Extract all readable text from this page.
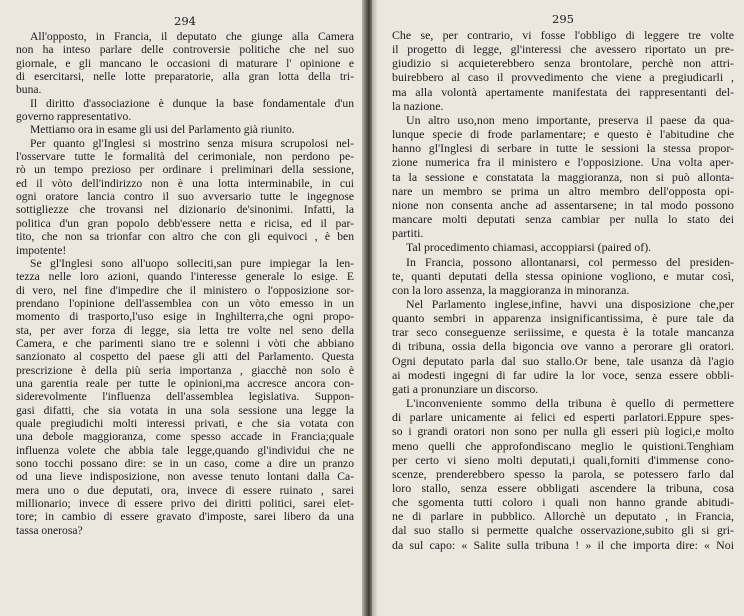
294
All'opposto, in Francia, il deputato che giunge alla Camera
non ha inteso parlare delle controversie politiche che nel suo
giornale, e gli mancano le occasioni di maturare l' opinione e
di esercitarsi, nelle lotte preparatorie, alla gran lotta della tri-
buna.
Il diritto d'associazione è dunque la base fondamentale d'un
governo rappresentativo.
Mettiamo ora in esame gli usi del Parlamento già riunito.
Per quanto gl'Inglesi si mostrino senza misura scrupolosi nel-
l'osservare tutte le formalità del cerimoniale, non perdono pe-
rò un tempo prezioso per ordinare i preliminari della sessione,
ed il vòto dell'indirizzo non è una lotta interminabile, in cui
ogni oratore lancia contro il suo avversario tutte le ingegnose
sottigliezze che trovansi nel dizionario de'sinonimi. Infatti, la
politica d'un gran popolo debb'essere netta e ricisa, ed il par-
tito, che non sa trionfar con altro che con gli equivoci , è ben
impotente!
Se gl'Inglesi sono all'uopo solleciti,san pure impiegar la len-
tezza nelle loro azioni, quando l'interesse generale lo esige. E
di vero, nel fine d'impedire che il ministero o l'opposizione sor-
prendano l'opinione dell'assemblea con un vòto emesso in un
momento di trasporto,l'uso esige in Inghilterra,che ogni propo-
sta, per aver forza di legge, sia letta tre volte nel seno della
Camera, e che parimenti siano tre e solenni i vòti che abbiano
sanzionato al cospetto del paese gli atti del Parlamento. Questa
prescrizione è della più seria importanza , giacchè non solo è
una garentia reale per tutte le opinioni,ma accresce ancora con-
siderevolmente l'influenza dell'assemblea legislativa. Suppon-
gasi difatti, che sia votata in una sola sessione una legge la
quale pregiudichi molti interessi privati, e che sia votata con
una debole maggioranza, come spesso accade in Francia;quale
influenza volete che abbia tale legge,quando gl'individui che ne
sono tocchi possano dire: se in un caso, come a dire un pranzo
od una lieve indisposizione, non avesse tenuto lontani dalla Ca-
mera uno o due deputati, ora, invece di essere ruinato , sarei
millionario; invece di essere privo dei diritti politici, sarei elet-
tore; in cambio di essere gravato d'imposte, sarei libero da una
tassa onerosa?
295
Che se, per contrario, vi fosse l'obbligo di leggere tre volte
il progetto di legge, gl'interessi che avessero riportato un pre-
giudizio si acquieterebbero senza brontolare, perchè non attri-
buirebbero al caso il provvedimento che viene a pregiudicarli ,
ma alla volontà apertamente manifestata dei rappresentanti del-
la nazione.
Un altro uso,non meno importante, preserva il paese da qua-
lunque specie di frode parlamentare; e questo è l'abitudine che
hanno gl'Inglesi di serbare in tutte le sessioni la stessa propor-
zione numerica fra il ministero e l'opposizione. Una volta aper-
ta la sessione e constatata la maggioranza, non si può allonta-
nare un membro se prima un altro membro dell'opposta opi-
nione non consenta anche ad assentarsene; in tal modo possono
mancare molti deputati senza cambiar per nulla lo stato dei
partiti.
Tal procedimento chiamasi, accoppiarsi (paired of).
In Francia, possono allontanarsi, col permesso del presiden-
te, quanti deputati della stessa opinione vogliono, e mutar così,
con la loro assenza, la maggioranza in minoranza.
Nel Parlamento inglese,infine, havvi una disposizione che,per
quanto sembri in apparenza insignificantissima, è pure tale da
trar seco conseguenze seriissime, e questa è la totale mancanza
di tribuna, ossia della bigoncia ove vanno a perorare gli oratori.
Ogni deputato parla dal suo stallo.Or bene, tale usanza dà l'agio
ai modesti ingegni di far udire la lor voce, senza essere obbli-
gati a pronunziare un discorso.
L'inconveniente sommo della tribuna è quello di permettere
di parlare unicamente ai felici ed esperti parlatori.Eppure spes-
so i grandi oratori non sono per nulla gli esseri più logici,e molto
meno quelli che approfondiscano meglio le quistioni.Tenghiam
per certo vi sieno molti deputati,i quali,forniti d'immense cono-
scenze, prenderebbero spesso la parola, se potessero farlo dal
loro stallo, senza essere obbligati ascendere la tribuna, cosa
che sgomenta tutti coloro i quali non hanno grande abitudi-
ne di parlare in pubblico. Allorchè un deputato , in Francia,
dal suo stallo si permette qualche osservazione,subito gli si gri-
da sul capo: « Salite sulla tribuna ! » il che importa dire: « Noi
